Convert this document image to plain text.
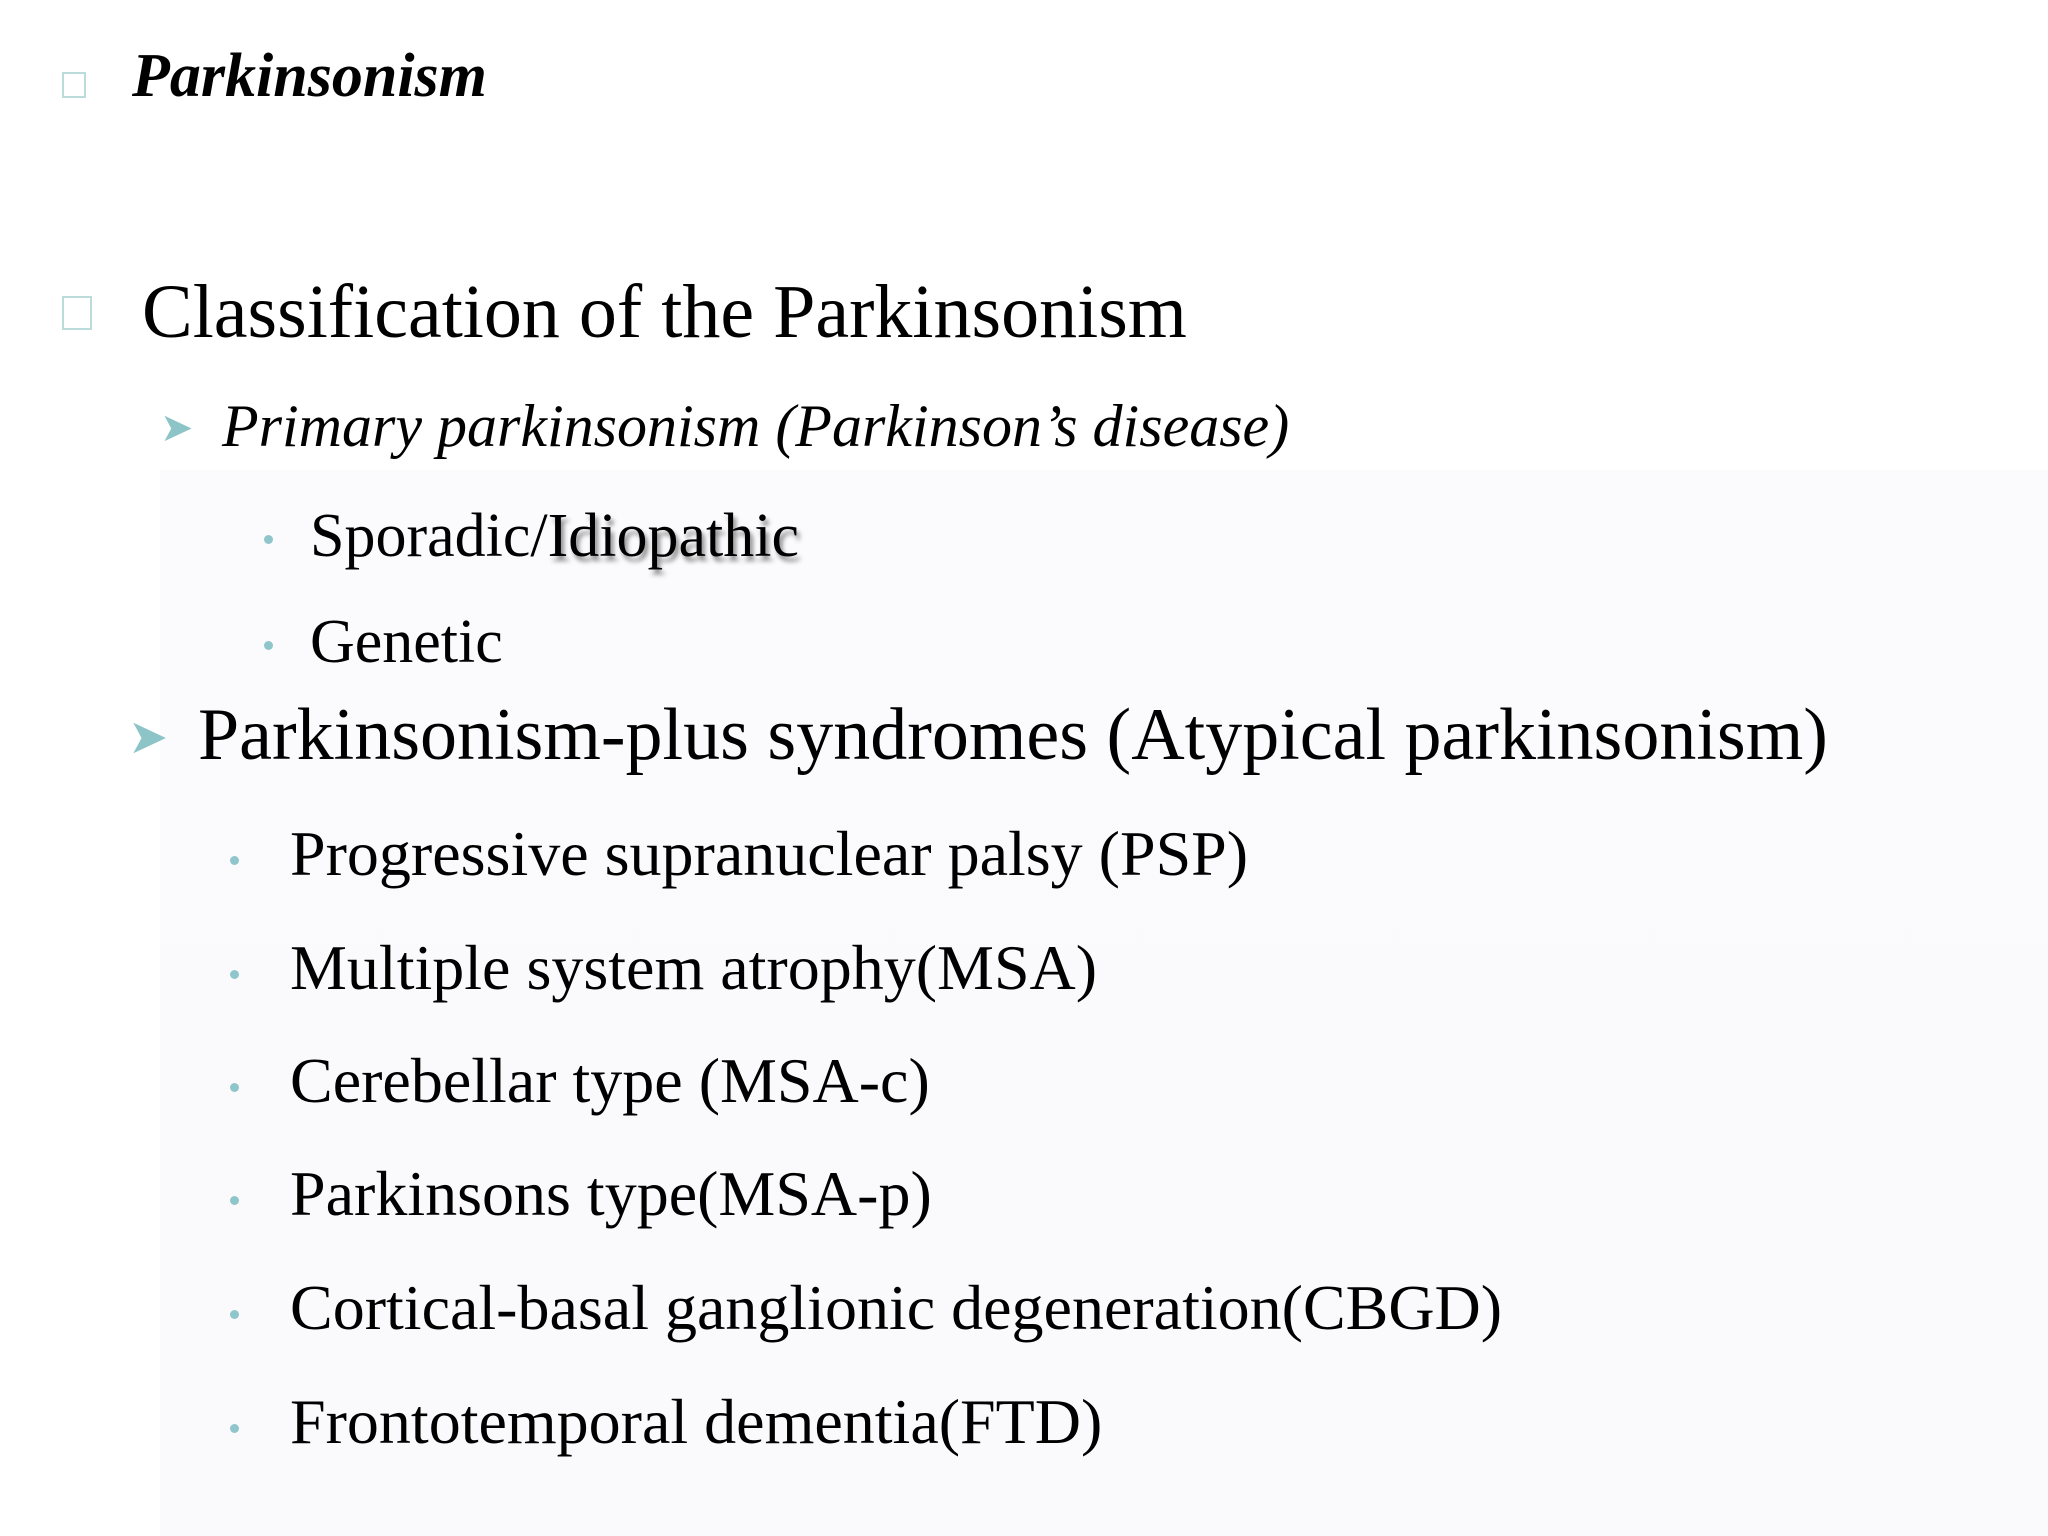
Parkinsonism
Classification of the Parkinsonism
➤ Primary parkinsonism (Parkinson’s disease)
Sporadic/Idiopathic
Genetic
➤ Parkinsonism-plus syndromes (Atypical parkinsonism)
Progressive supranuclear palsy (PSP)
Multiple system atrophy(MSA)
Cerebellar type (MSA-c)
Parkinsons type(MSA-p)
Cortical-basal ganglionic degeneration(CBGD)
Frontotemporal dementia(FTD)
